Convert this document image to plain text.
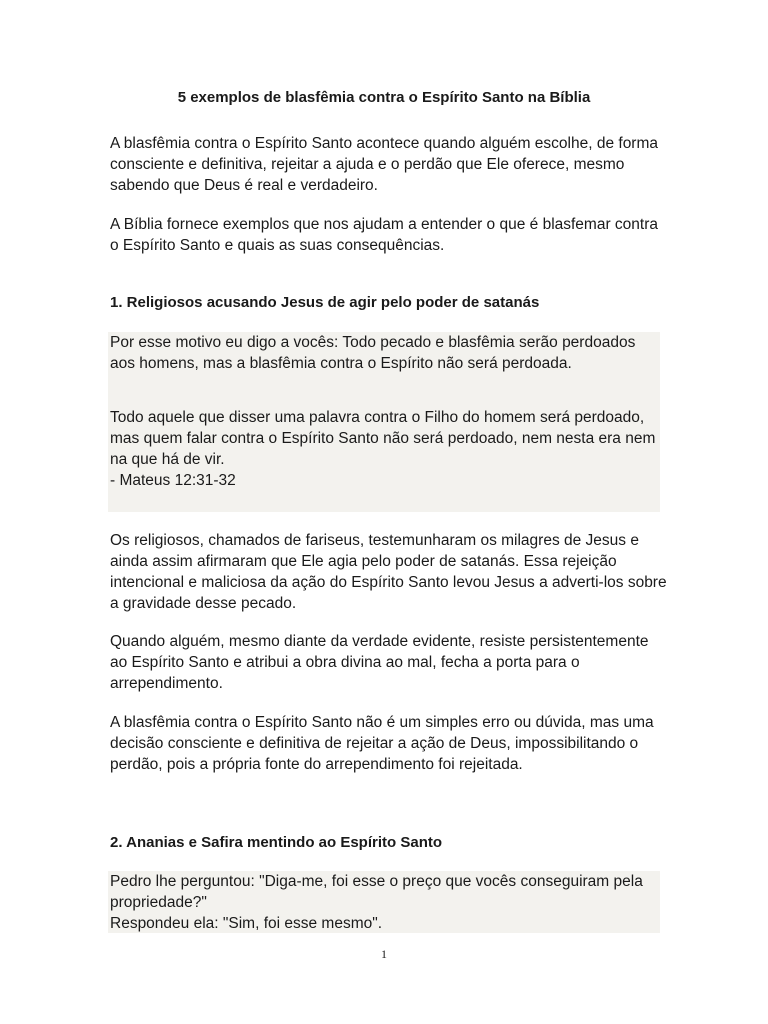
5 exemplos de blasfêmia contra o Espírito Santo na Bíblia

A blasfêmia contra o Espírito Santo acontece quando alguém escolhe, de forma consciente e definitiva, rejeitar a ajuda e o perdão que Ele oferece, mesmo sabendo que Deus é real e verdadeiro.

A Bíblia fornece exemplos que nos ajudam a entender o que é blasfemar contra o Espírito Santo e quais as suas consequências.

1. Religiosos acusando Jesus de agir pelo poder de satanás

Por esse motivo eu digo a vocês: Todo pecado e blasfêmia serão perdoados aos homens, mas a blasfêmia contra o Espírito não será perdoada.

Todo aquele que disser uma palavra contra o Filho do homem será perdoado, mas quem falar contra o Espírito Santo não será perdoado, nem nesta era nem na que há de vir.

- Mateus 12:31-32

Os religiosos, chamados de fariseus, testemunharam os milagres de Jesus e ainda assim afirmaram que Ele agia pelo poder de satanás. Essa rejeição intencional e maliciosa da ação do Espírito Santo levou Jesus a adverti-los sobre a gravidade desse pecado.

Quando alguém, mesmo diante da verdade evidente, resiste persistentemente ao Espírito Santo e atribui a obra divina ao mal, fecha a porta para o arrependimento.

A blasfêmia contra o Espírito Santo não é um simples erro ou dúvida, mas uma decisão consciente e definitiva de rejeitar a ação de Deus, impossibilitando o perdão, pois a própria fonte do arrependimento foi rejeitada.

2. Ananias e Safira mentindo ao Espírito Santo

Pedro lhe perguntou: "Diga-me, foi esse o preço que vocês conseguiram pela propriedade?"

Respondeu ela: "Sim, foi esse mesmo".

1
